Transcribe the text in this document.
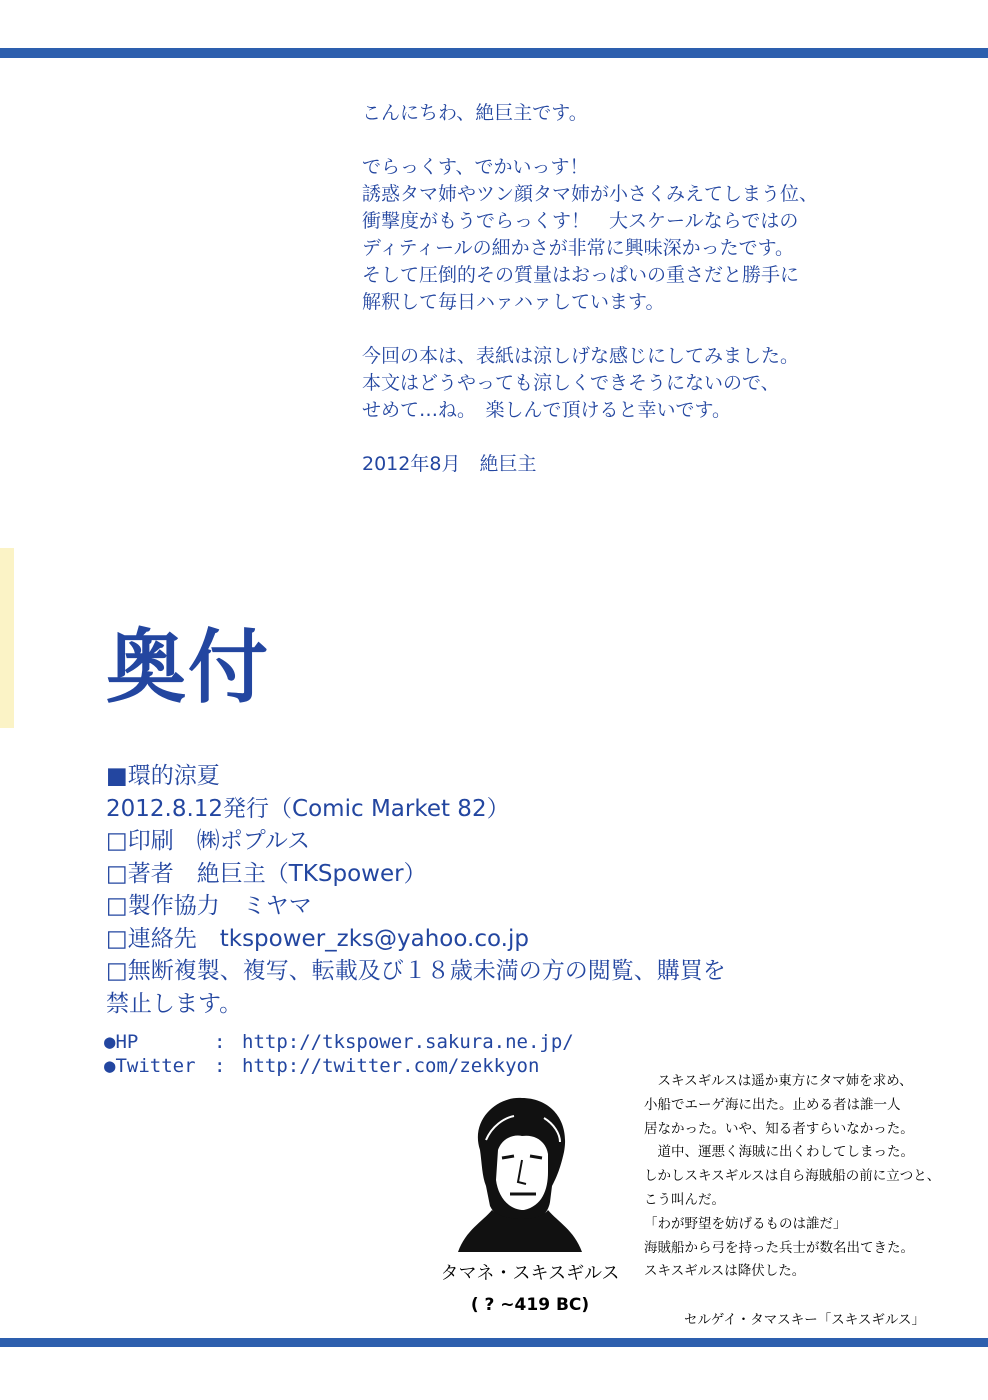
こんにちわ、絶巨主です。
でらっくす、でかいっす！
誘惑タマ姉やツン顔タマ姉が小さくみえてしまう位、
衝撃度がもうでらっくす！　大スケールならではの
ディティールの細かさが非常に興味深かったです。
そして圧倒的その質量はおっぱいの重さだと勝手に
解釈して毎日ハァハァしています。
今回の本は、表紙は涼しげな感じにしてみました。
本文はどうやっても涼しくできそうにないので、
せめて…ね。　楽しんで頂けると幸いです。
2012年8月　絶巨主
奥付
■ 環的涼夏
2012.8.12発行（Comic Market 82）
□ 印刷　㈱ポプルス
□ 著者　絶巨主（TKSpower）
□ 製作協力　ミヤマ
□ 連絡先　tkspower_zks@yahoo.co.jp
□ 無断複製、複写、転載及び１８歳未満の方の閲覧、購買を
禁止します。
●HP	: http://tkspower.sakura.ne.jp/
●Twitter : http://twitter.com/zekkyon
タマネ・スキスギルス
( ? ~419 BC)
　スキスギルスは遥か東方にタマ姉を求め、
小船でエーゲ海に出た。止める者は誰一人
居なかった。いや、知る者すらいなかった。
　道中、運悪く海賊に出くわしてしまった。
しかしスキスギルスは自ら海賊船の前に立つと、
こう叫んだ。
「わが野望を妨げるものは誰だ」
海賊船から弓を持った兵士が数名出てきた。
スキスギルスは降伏した。
セルゲイ・タマスキー「スキスギルス」
